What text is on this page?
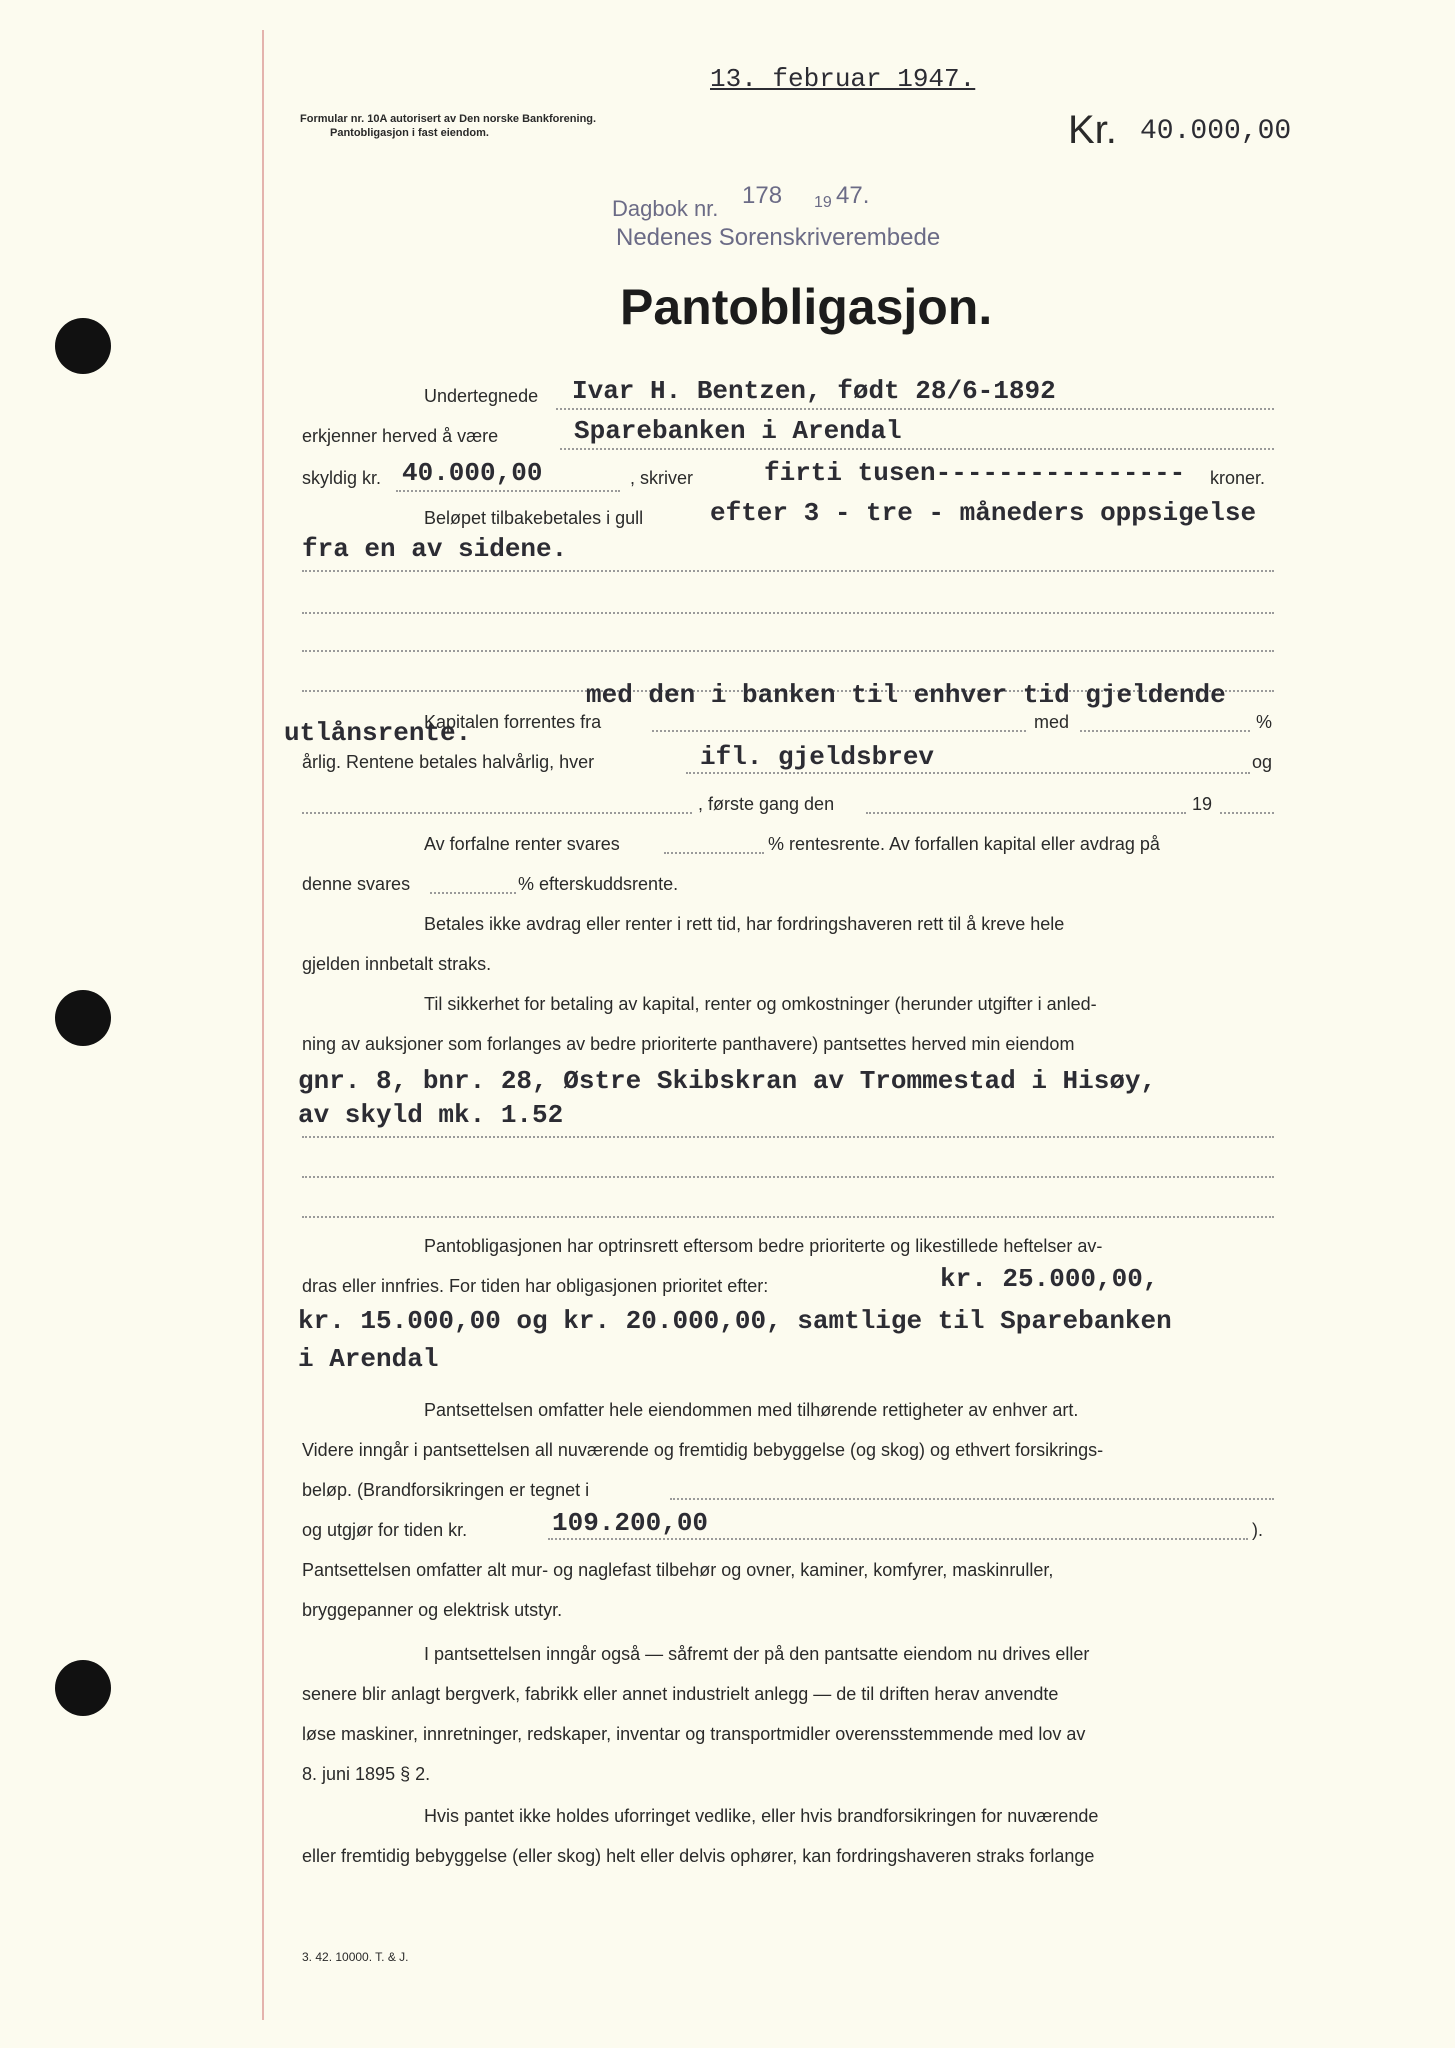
13. februar 1947.
Formular nr. 10A autorisert av Den norske Bankforening.
Pantobligasjon i fast eiendom.	Kr. 40.000,00
Dagbok nr. 178 19 47.
Nedenes Sorenskriverembede
Pantobligasjon.
Undertegnede Ivar H. Bentzen, født 28/6-1892
erkjenner herved å være	Sparebanken i Arendal
skyldig kr. 40.000,00	, skriver	firti tusen---------------- kroner.
Beløpet tilbakebetales i gull	efter 3 - tre - måneders oppsigelse
fra en av sidene.
med den i banken til enhver tid gjeldende
utlånsrente.
Kapitalen forrentes fra	med	%
årlig. Rentene betales halvårlig, hver	ifl. gjeldsbrev	og
, første gang den	19
Av forfalne renter svares	% rentesrente. Av forfallen kapital eller avdrag på
denne svares	% efterskuddsrente.
Betales ikke avdrag eller renter i rett tid, har fordringshaveren rett til å kreve hele
gjelden innbetalt straks.
Til sikkerhet for betaling av kapital, renter og omkostninger (herunder utgifter i anled-
ning av auksjoner som forlanges av bedre prioriterte panthavere) pantsettes herved min eiendom
gnr. 8, bnr. 28, Østre Skibskran av Trommestad i Hisøy,
av skyld mk. 1.52
Pantobligasjonen har optrinsrett eftersom bedre prioriterte og likestillede heftelser av-
dras eller innfries. For tiden har obligasjonen prioritet efter:	kr. 25.000,00,
kr. 15.000,00 og kr. 20.000,00, samtlige til Sparebanken
i Arendal
Pantsettelsen omfatter hele eiendommen med tilhørende rettigheter av enhver art.
Videre inngår i pantsettelsen all nuværende og fremtidig bebyggelse (og skog) og ethvert forsikrings-
beløp. (Brandforsikringen er tegnet i
og utgjør for tiden kr.	109.200,00	).
Pantsettelsen omfatter alt mur- og naglefast tilbehør og ovner, kaminer, komfyrer, maskinruller,
bryggepanner og elektrisk utstyr.
I pantsettelsen inngår også — såfremt der på den pantsatte eiendom nu drives eller
senere blir anlagt bergverk, fabrikk eller annet industrielt anlegg — de til driften herav anvendte
løse maskiner, innretninger, redskaper, inventar og transportmidler overensstemmende med lov av
8. juni 1895 § 2.
Hvis pantet ikke holdes uforringet vedlike, eller hvis brandforsikringen for nuværende
eller fremtidig bebyggelse (eller skog) helt eller delvis ophører, kan fordringshaveren straks forlange
3. 42. 10000. T. & J.
